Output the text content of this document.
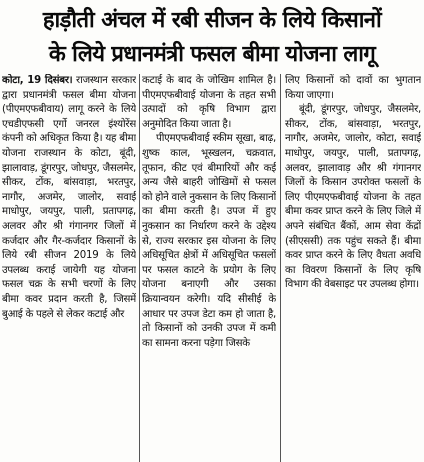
हाड़ौती अंचल में रबी सीजन के लिये किसानों
के लिये प्रधानमंत्री फसल बीमा योजना लागू

कोटा, 19 दिसंबर। राजस्थान सरकार द्वारा प्रधानमंत्री फसल बीमा योजना (पीएमएफबीवाय) लागू करने के लिये एचडीएफसी एर्गो जनरल इंश्योरेंस कंपनी को अधिकृत किया है। यह बीमा योजना राजस्थान के कोटा, बूंदी, झालावाड़, डूंगरपुर, जोधपुर, जैसलमेर, सीकर, टोंक, बांसवाड़ा, भरतपुर, नागौर, अजमेर, जालोर, सवाई माधोपुर, जयपुर, पाली, प्रतापगढ़, अलवर और श्री गंगानगर जिलों में कर्जदार और गैर-कर्जदार किसानों के लिये रबी सीजन 2019 के लिये उपलब्ध कराई जायेगी यह योजना फसल चक्र के सभी चरणों के लिए बीमा कवर प्रदान करती है, जिसमें बुआई के पहले से लेकर कटाई और

कटाई के बाद के जोखिम शामिल है। पीएमएफबीवाई योजना के तहत सभी उत्पादों को कृषि विभाग द्वारा अनुमोदित किया जाता है।

पीएमएफबीवाई स्कीम सूखा, बाढ़, शुष्क काल, भूस्खलन, चक्रवात, तूफान, कीट एवं बीमारियों और कई अन्य जैसे बाहरी जोखिमों से फसल को होने वाले नुकसान के लिए किसानों का बीमा करती है। उपज में हुए नुकसान का निर्धारण करने के उद्देश्य से, राज्य सरकार इस योजना के लिए अधिसूचित क्षेत्रों में अधिसूचित फसलों पर फसल काटने के प्रयोग के लिए योजना बनाएगी और उसका क्रियान्वयन करेगी। यदि सीसीई के आधार पर उपज डेटा कम हो जाता है, तो किसानों को उनकी उपज में कमी का सामना करना पड़ेगा जिसके

लिए किसानों को दावों का भुगतान किया जाएगा।

बूंदी, डूंगरपुर, जोधपुर, जैसलमेर, सीकर, टोंक, बांसवाड़ा, भरतपुर, नागौर, अजमेर, जालोर, कोटा, सवाई माधोपुर, जयपुर, पाली, प्रतापगढ़, अलवर, झालावाड़ और श्री गंगानगर जिलों के किसान उपरोक्त फसलों के लिए पीएमएफबीवाई योजना के तहत बीमा कवर प्राप्त करने के लिए जिले में अपने संबंधित बैंकों, आम सेवा केंद्रों (सीएससी) तक पहुंच सकते हैं। बीमा कवर प्राप्त करने के लिए वैधता अवधि का विवरण किसानों के लिए कृषि विभाग की वेबसाइट पर उपलब्ध होगा।
